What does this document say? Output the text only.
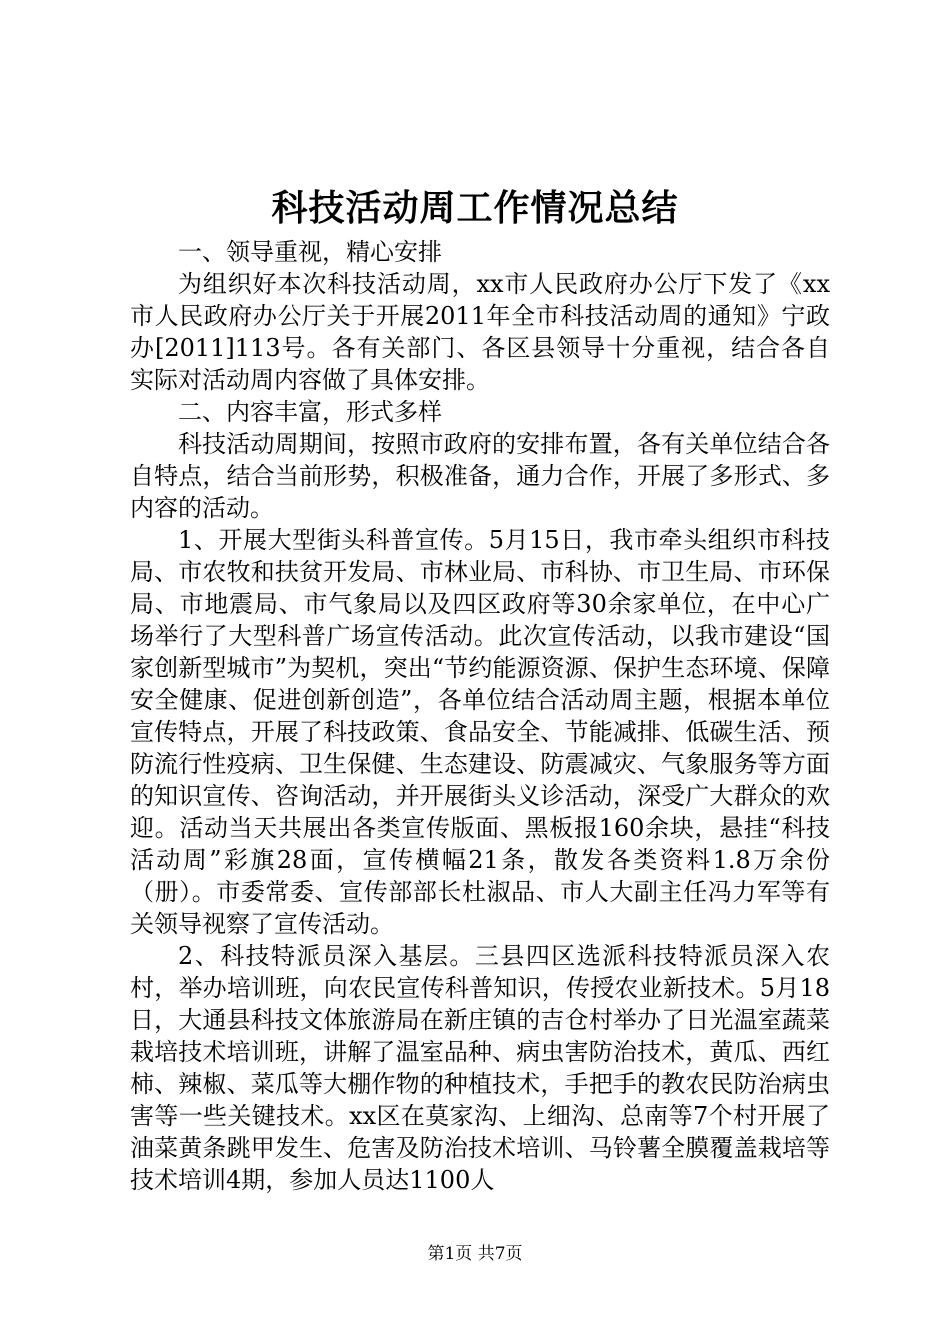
科技活动周工作情况总结

一、领导重视，精心安排

为组织好本次科技活动周，xx市人民政府办公厅下发了《xx市人民政府办公厅关于开展2011年全市科技活动周的通知》宁政办[2011]113号。各有关部门、各区县领导十分重视，结合各自实际对活动周内容做了具体安排。

二、内容丰富，形式多样

科技活动周期间，按照市政府的安排布置，各有关单位结合各自特点，结合当前形势，积极准备，通力合作，开展了多形式、多内容的活动。

1、开展大型街头科普宣传。5月15日，我市牵头组织市科技局、市农牧和扶贫开发局、市林业局、市科协、市卫生局、市环保局、市地震局、市气象局以及四区政府等30余家单位，在中心广场举行了大型科普广场宣传活动。此次宣传活动，以我市建设“国家创新型城市”为契机，突出“节约能源资源、保护生态环境、保障安全健康、促进创新创造”，各单位结合活动周主题，根据本单位宣传特点，开展了科技政策、食品安全、节能减排、低碳生活、预防流行性疫病、卫生保健、生态建设、防震减灾、气象服务等方面的知识宣传、咨询活动，并开展街头义诊活动，深受广大群众的欢迎。活动当天共展出各类宣传版面、黑板报160余块，悬挂“科技活动周”彩旗28面，宣传横幅21条，散发各类资料1.8万余份（册）。市委常委、宣传部部长杜淑品、市人大副主任冯力军等有关领导视察了宣传活动。

2、科技特派员深入基层。三县四区选派科技特派员深入农村，举办培训班，向农民宣传科普知识，传授农业新技术。5月18日，大通县科技文体旅游局在新庄镇的吉仓村举办了日光温室蔬菜栽培技术培训班，讲解了温室品种、病虫害防治技术，黄瓜、西红柿、辣椒、菜瓜等大棚作物的种植技术，手把手的教农民防治病虫害等一些关键技术。xx区在莫家沟、上细沟、总南等7个村开展了油菜黄条跳甲发生、危害及防治技术培训、马铃薯全膜覆盖栽培等技术培训4期，参加人员达1100人

第1页 共7页
